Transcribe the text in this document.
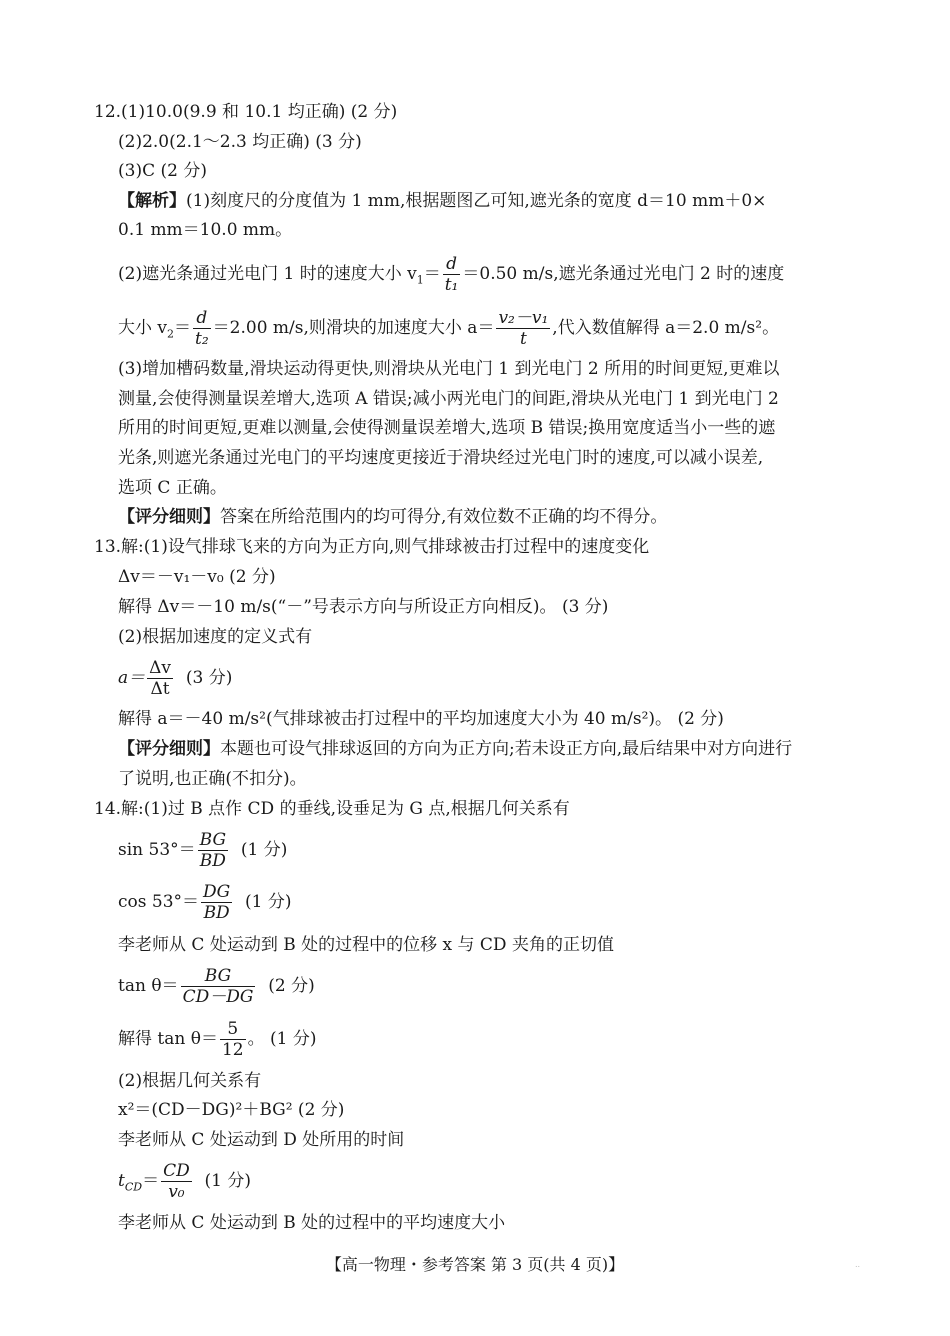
12.(1)10.0(9.9 和 10.1 均正确) (2 分)
(2)2.0(2.1～2.3 均正确) (3 分)
(3)C (2 分)
【解析】(1)刻度尺的分度值为 1 mm,根据题图乙可知,遮光条的宽度 d＝10 mm＋0×
0.1 mm＝10.0 mm。
(2)遮光条通过光电门 1 时的速度大小 $v_1= \frac{d}{\text{t₁}} =0.50$ m/s,遮光条通过光电门 2 时的速度
大小 $v_2= \frac{d}{\text{t₂}} =2.00$ m/s,则滑块的加速度大小 $a= \frac{\text{v₂－v₁}}{t}$ ,代入数值解得 a＝2.0 m/s²。
(3)增加槽码数量,滑块运动得更快,则滑块从光电门 1 到光电门 2 所用的时间更短,更难以
测量,会使得测量误差增大,选项 A 错误;减小两光电门的间距,滑块从光电门 1 到光电门 2
所用的时间更短,更难以测量,会使得测量误差增大,选项 B 错误;换用宽度适当小一些的遮
光条,则遮光条通过光电门的平均速度更接近于滑块经过光电门时的速度,可以减小误差,
选项 C 正确。
【评分细则】答案在所给范围内的均可得分,有效位数不正确的均不得分。
13.解:(1)设气排球飞来的方向为正方向,则气排球被击打过程中的速度变化
Δv＝－v₁－v₀ (2 分)
解得 Δv＝－10 m/s(“－”号表示方向与所设正方向相反)。 (3 分)
(2)根据加速度的定义式有
$a= \frac{\Delta v}{\Delta t} (3$ 分)
解得 a＝－40 m/s²(气排球被击打过程中的平均加速度大小为 40 m/s²)。 (2 分)
【评分细则】本题也可设气排球返回的方向为正方向;若未设正方向,最后结果中对方向进行
了说明,也正确(不扣分)。
14.解:(1)过 B 点作 CD 的垂线,设垂足为 G 点,根据几何关系有
$\sin 53^\circ= \frac{BG}{BD} (1$ 分)
$\cos 53^\circ= \frac{DG}{BD} (1$ 分)
李老师从 C 处运动到 B 处的过程中的位移 x 与 CD 夹角的正切值
$\tan \theta= \frac{BG}{CD-DG} (2$ 分)
解得 $\tan \theta= \frac{5}{12}$ 。 (1 分)
(2)根据几何关系有
x²＝(CD－DG)²＋BG² (2 分)
李老师从 C 处运动到 D 处所用的时间
$t_{CD}= \frac{CD}{\text{v₀}} (1$ 分)
李老师从 C 处运动到 B 处的过程中的平均速度大小
【高一物理・参考答案 第 3 页(共 4 页)】	..
